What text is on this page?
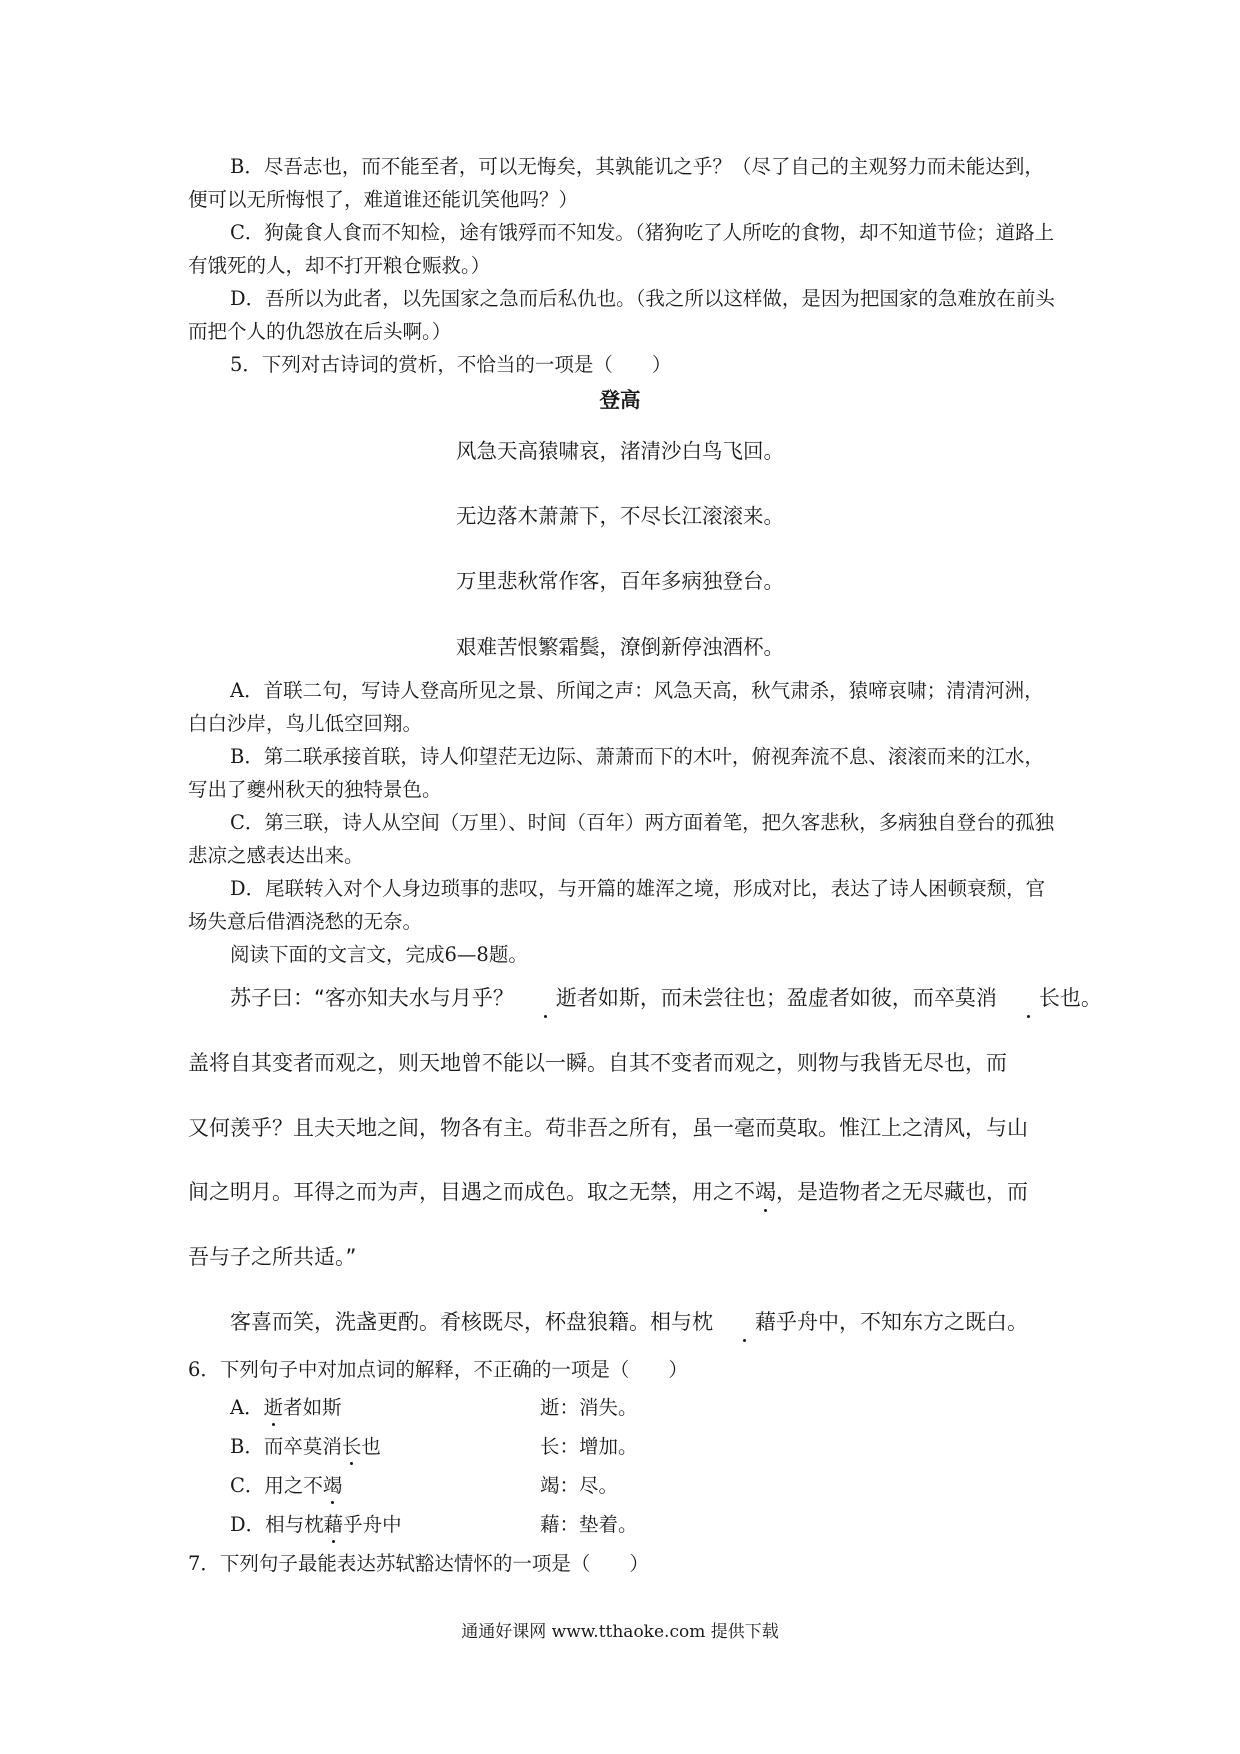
B．尽吾志也，而不能至者，可以无悔矣，其孰能讥之乎？（尽了自己的主观努力而未能达到，便可以无所悔恨了，难道谁还能讥笑他吗？）

C．狗彘食人食而不知检，途有饿殍而不知发。（猪狗吃了人所吃的食物，却不知道节俭；道路上有饿死的人，却不打开粮仓赈救。）

D．吾所以为此者，以先国家之急而后私仇也。（我之所以这样做，是因为把国家的急难放在前头而把个人的仇怨放在后头啊。）

5．下列对古诗词的赏析，不恰当的一项是（　　）

登高

风急天高猿啸哀，渚清沙白鸟飞回。

无边落木萧萧下，不尽长江滚滚来。

万里悲秋常作客，百年多病独登台。

艰难苦恨繁霜鬓，潦倒新停浊酒杯。

A．首联二句，写诗人登高所见之景、所闻之声：风急天高，秋气肃杀，猿啼哀啸；清清河洲，白白沙岸，鸟儿低空回翔。

B．第二联承接首联，诗人仰望茫无边际、萧萧而下的木叶，俯视奔流不息、滚滚而来的江水，写出了夔州秋天的独特景色。

C．第三联，诗人从空间（万里）、时间（百年）两方面着笔，把久客悲秋，多病独自登台的孤独悲凉之感表达出来。

D．尾联转入对个人身边琐事的悲叹，与开篇的雄浑之境，形成对比，表达了诗人困顿衰颓，官场失意后借酒浇愁的无奈。

阅读下面的文言文，完成6—8题。

苏子曰：“客亦知夫水与月乎？ 逝者如斯，而未尝往也；盈虚者如彼，而卒莫消 长也。

盖将自其变者而观之，则天地曾不能以一瞬。自其不变者而观之，则物与我皆无尽也，而

又何羡乎？且夫天地之间，物各有主。苟非吾之所有，虽一毫而莫取。惟江上之清风，与山

间之明月。耳得之而为声，目遇之而成色。取之无禁，用之不竭，是造物者之无尽藏也，而

吾与子之所共适。”

客喜而笑，洗盏更酌。肴核既尽，杯盘狼籍。相与枕 藉乎舟中，不知东方之既白。

6．下列句子中对加点词的解释，不正确的一项是（　　）

A．逝者如斯	逝：消失。

B．而卒莫消长也	长：增加。

C．用之不竭	竭：尽。

D．相与枕藉乎舟中	藉：垫着。

7．下列句子最能表达苏轼豁达情怀的一项是（　　）

通通好课网 www.tthaoke.com 提供下载
